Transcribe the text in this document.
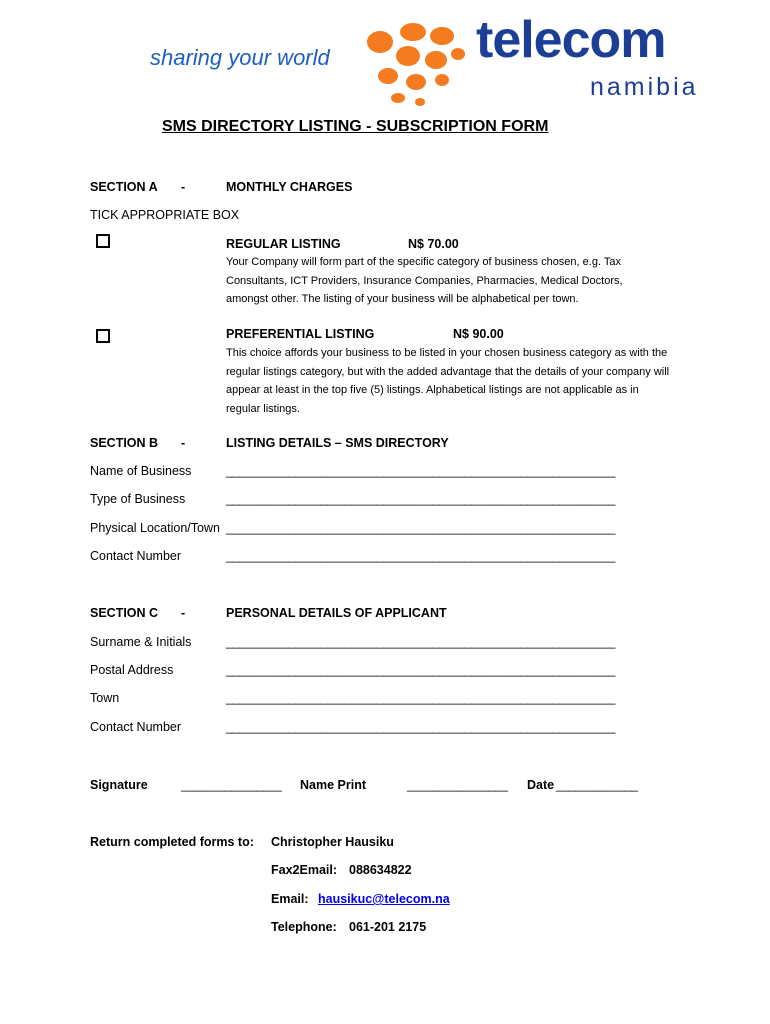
sharing your world	telecom
namibia
SMS DIRECTORY LISTING - SUBSCRIPTION FORM
SECTION A -	MONTHLY CHARGES
TICK APPROPRIATE BOX
REGULAR LISTING	N$ 70.00
Your Company will form part of the specific category of business chosen, e.g. Tax Consultants, ICT Providers, Insurance Companies, Pharmacies, Medical Doctors, amongst other. The listing of your business will be alphabetical per town.
PREFERENTIAL LISTING	N$ 90.00
This choice affords your business to be listed in your chosen business category as with the regular listings category, but with the added advantage that the details of your company will appear at least in the top five (5) listings. Alphabetical listings are not applicable as in regular listings.
SECTION B -	LISTING DETAILS – SMS DIRECTORY
Name of Business	______________________________________________________________
Type of Business	______________________________________________________________
Physical Location/Town ______________________________________________________________
Contact Number	______________________________________________________________
SECTION C -	PERSONAL DETAILS OF APPLICANT
Surname & Initials	______________________________________________________________
Postal Address	______________________________________________________________
Town	______________________________________________________________
Contact Number	______________________________________________________________
Signature	________________ Name Print	________________ Date _____________
Return completed forms to: Christopher Hausiku
Fax2Email: 088634822
Email: hausikuc@telecom.na
Telephone: 061-201 2175
